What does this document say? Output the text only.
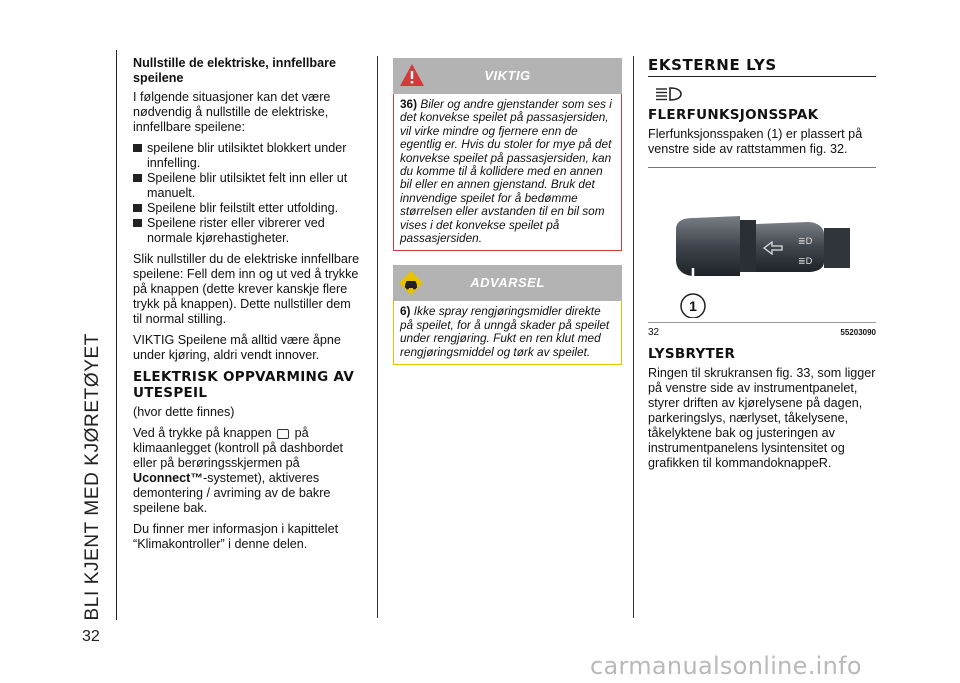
BLI KJENT MED KJØRETØYET
32
Nullstille de elektriske, innfellbare speilene

I følgende situasjoner kan det være nødvendig å nullstille de elektriske, innfellbare speilene:

speilene blir utilsiktet blokkert under innfelling.
Speilene blir utilsiktet felt inn eller ut manuelt.
Speilene blir feilstilt etter utfolding.
Speilene rister eller vibrerer ved normale kjørehastigheter.

Slik nullstiller du de elektriske innfellbare speilene: Fell dem inn og ut ved å trykke på knappen (dette krever kanskje flere trykk på knappen). Dette nullstiller dem til normal stilling.

VIKTIG Speilene må alltid være åpne under kjøring, aldri vendt innover.

ELEKTRISK OPPVARMING AV UTESPEIL

(hvor dette finnes)

Ved å trykke på knappen på klimaanlegget (kontroll på dashbordet eller på berøringsskjermen på Uconnect™-systemet), aktiveres demontering / avriming av de bakre speilene bak.

Du finner mer informasjon i kapittelet “Klimakontroller” i denne delen.

VIKTIG
36) Biler og andre gjenstander som ses i det konvekse speilet på passasjersiden, vil virke mindre og fjernere enn de egentlig er. Hvis du stoler for mye på det konvekse speilet på passasjersiden, kan du komme til å kollidere med en annen bil eller en annen gjenstand. Bruk det innvendige speilet for å bedømme størrelsen eller avstanden til en bil som vises i det konvekse speilet på passasjersiden.
ADVARSEL
6) Ikke spray rengjøringsmidler direkte på speilet, for å unngå skader på speilet under rengjøring. Fukt en ren klut med rengjøringsmiddel og tørk av speilet.
EKSTERNE LYS
FLERFUNKSJONSSPAK

Flerfunksjonsspaken (1) er plassert på venstre side av rattstammen fig. 32.

≣D
≣D
1
32	55203090
LYSBRYTER

Ringen til skrukransen fig. 33, som ligger på venstre side av instrumentpanelet, styrer driften av kjørelysene på dagen, parkeringslys, nærlyset, tåkelysene, tåkelyktene bak og justeringen av instrumentpanelens lysintensitet og grafikken til kommandoknappeR.

carmanualsonline.info
